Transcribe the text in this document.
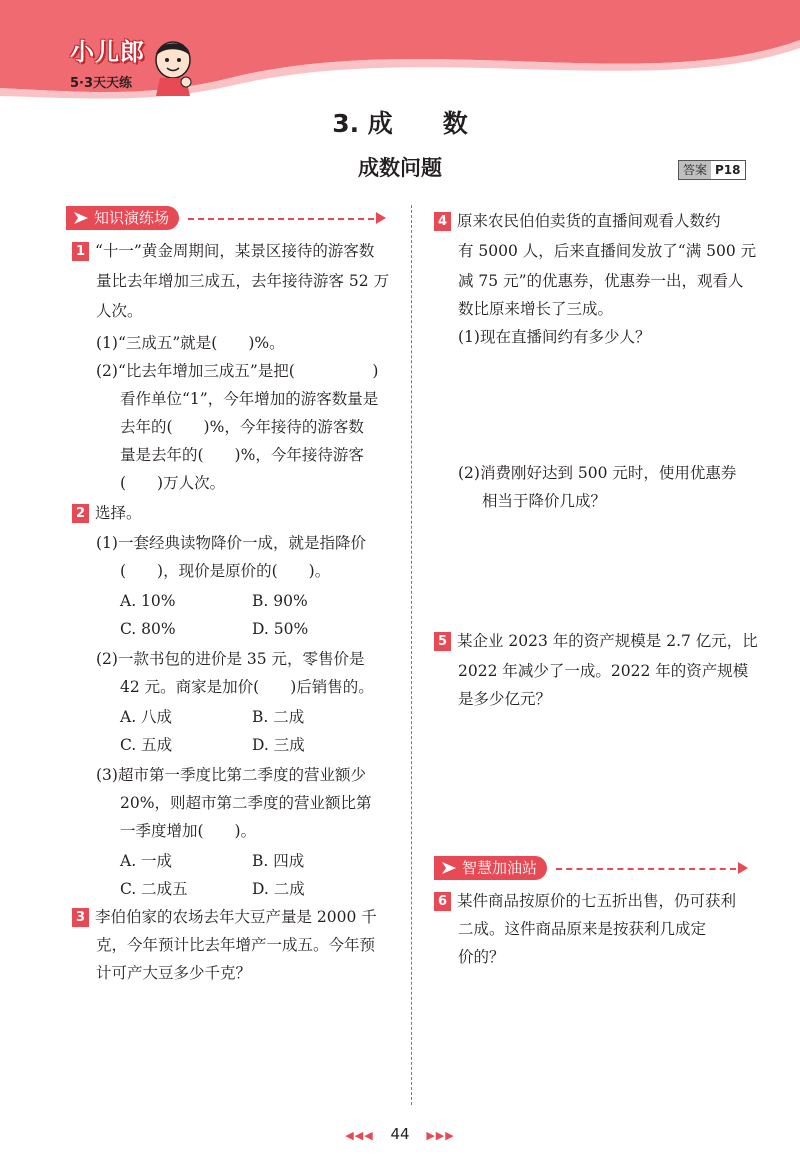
小儿郎
5·3天天练
3. 成　　数
成数问题	答案 P18
知识演练场
1 “十一”黄金周期间，某景区接待的游客数
量比去年增加三成五，去年接待游客 52 万
人次。
(1)“三成五”就是(　　)%。
(2)“比去年增加三成五”是把(　　　　　)
看作单位“1”，今年增加的游客数量是
去年的(　　)%，今年接待的游客数
量是去年的(　　)%，今年接待游客
(　　)万人次。
2 选择。
(1)一套经典读物降价一成，就是指降价
(　　)，现价是原价的(　　)。
A. 10%	B. 90%
C. 80%	D. 50%
(2)一款书包的进价是 35 元，零售价是
42 元。商家是加价(　　)后销售的。
A. 八成	B. 二成
C. 五成	D. 三成
(3)超市第一季度比第二季度的营业额少
20%，则超市第二季度的营业额比第
一季度增加(　　)。
A. 一成	B. 四成
C. 二成五	D. 二成
3 李伯伯家的农场去年大豆产量是 2000 千
克，今年预计比去年增产一成五。今年预
计可产大豆多少千克？
4 原来农民伯伯卖货的直播间观看人数约
有 5000 人，后来直播间发放了“满 500 元
减 75 元”的优惠券，优惠券一出，观看人
数比原来增长了三成。
(1)现在直播间约有多少人？
(2)消费刚好达到 500 元时，使用优惠券
相当于降价几成？
5 某企业 2023 年的资产规模是 2.7 亿元，比
2022 年减少了一成。2022 年的资产规模
是多少亿元？
智慧加油站
6 某件商品按原价的七五折出售，仍可获利
二成。这件商品原来是按获利几成定
价的？
◀◀◀ 44 ▶▶▶
